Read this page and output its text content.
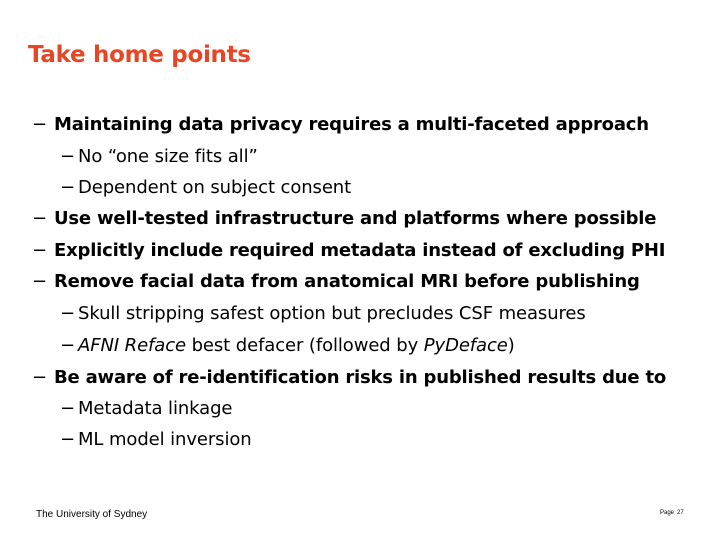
Take home points
− Maintaining data privacy requires a multi-faceted approach
− No “one size fits all”
− Dependent on subject consent
− Use well-tested infrastructure and platforms where possible
− Explicitly include required metadata instead of excluding PHI
− Remove facial data from anatomical MRI before publishing
− Skull stripping safest option but precludes CSF measures
− AFNI Reface best defacer (followed by PyDeface)
− Be aware of re-identification risks in published results due to
− Metadata linkage
− ML model inversion
The University of Sydney	Page 27
